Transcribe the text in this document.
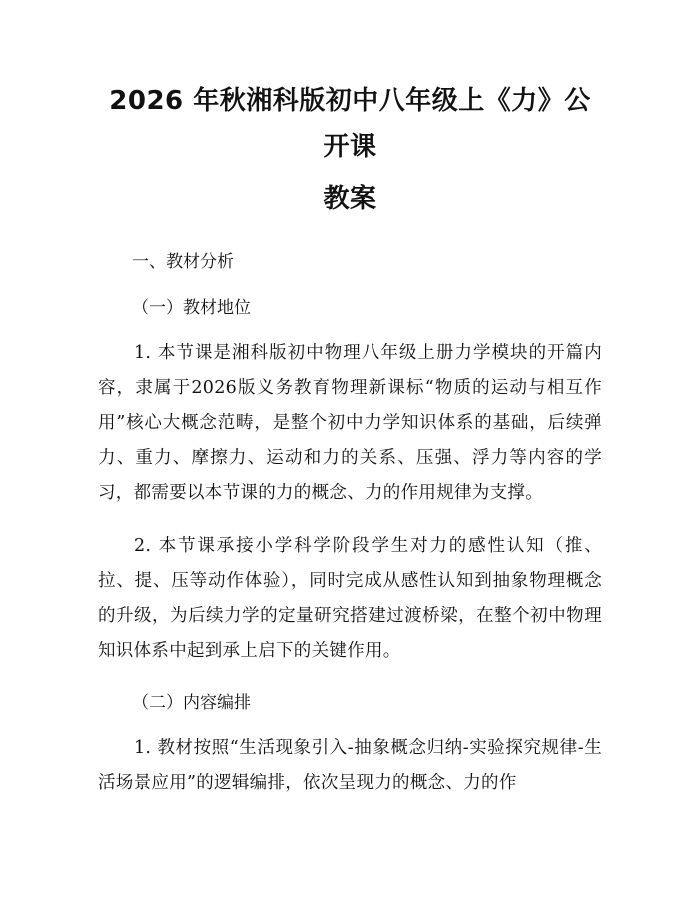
2026 年秋湘科版初中八年级上《力》公开课
教案
一、教材分析
（一）教材地位

1. 本节课是湘科版初中物理八年级上册力学模块的开篇内容，隶属于2026版义务教育物理新课标“物质的运动与相互作用”核心大概念范畴，是整个初中力学知识体系的基础，后续弹力、重力、摩擦力、运动和力的关系、压强、浮力等内容的学习，都需要以本节课的力的概念、力的作用规律为支撑。

2. 本节课承接小学科学阶段学生对力的感性认知（推、拉、提、压等动作体验），同时完成从感性认知到抽象物理概念的升级，为后续力学的定量研究搭建过渡桥梁，在整个初中物理知识体系中起到承上启下的关键作用。

（二）内容编排

1. 教材按照“生活现象引入-抽象概念归纳-实验探究规律-生活场景应用”的逻辑编排，依次呈现力的概念、力的作
